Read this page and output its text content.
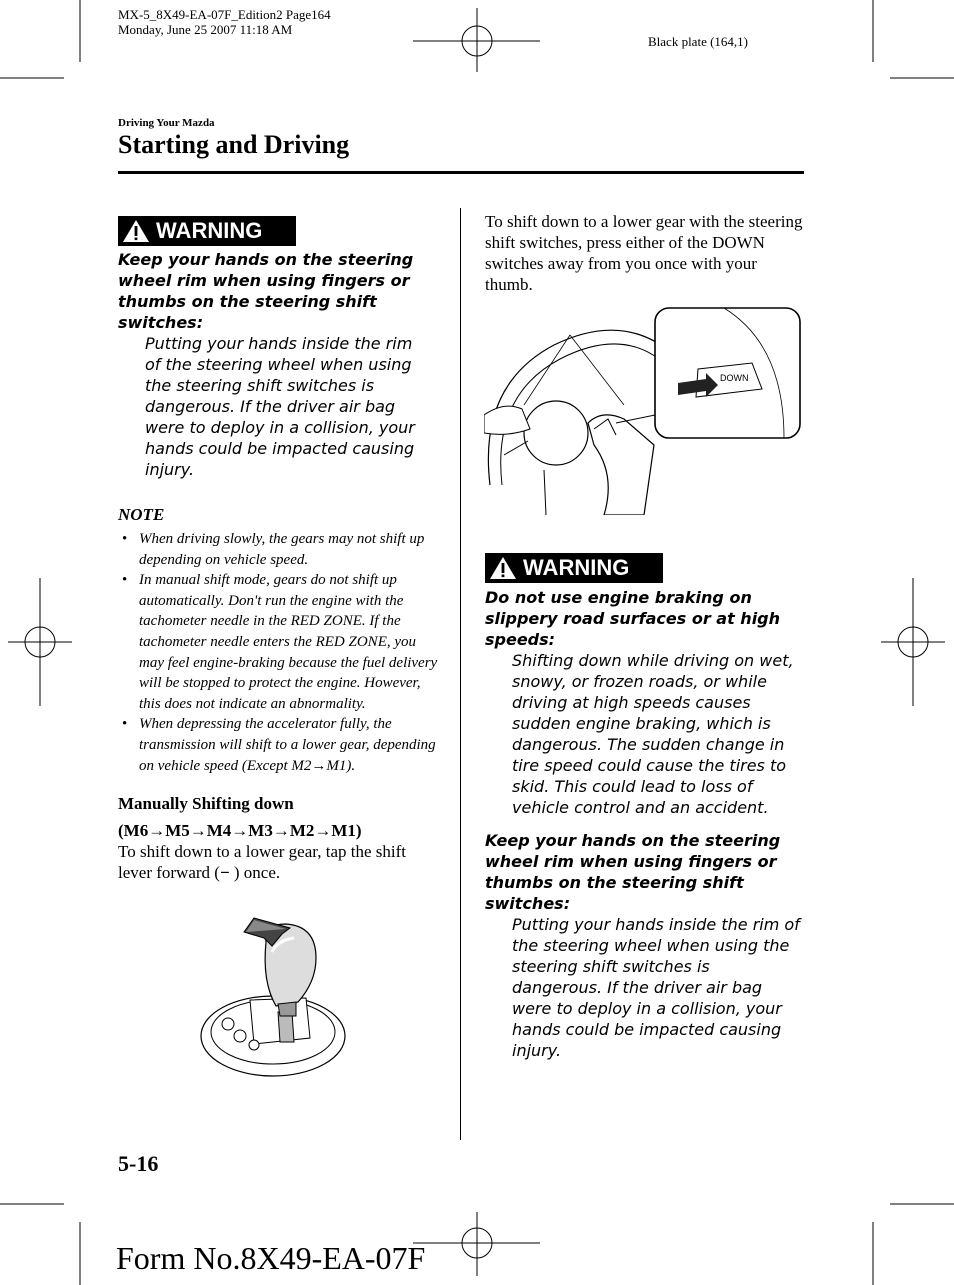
MX-5_8X49-EA-07F_Edition2 Page164
Monday, June 25 2007 11:18 AM
Black plate (164,1)
Driving Your Mazda
Starting and Driving
WARNING

Keep your hands on the steering wheel rim when using fingers or thumbs on the steering shift switches:

Putting your hands inside the rim of the steering wheel when using the steering shift switches is dangerous. If the driver air bag were to deploy in a collision, your hands could be impacted causing injury.

NOTE

• When driving slowly, the gears may not shift up depending on vehicle speed.
• In manual shift mode, gears do not shift up automatically. Don't run the engine with the tachometer needle in the RED ZONE. If the tachometer needle enters the RED ZONE, you may feel engine-braking because the fuel delivery will be stopped to protect the engine. However, this does not indicate an abnormality.
• When depressing the accelerator fully, the transmission will shift to a lower gear, depending on vehicle speed (Except M2→M1).

Manually Shifting down

(M6→M5→M4→M3→M2→M1)

To shift down to a lower gear, tap the shift lever forward (− ) once.

To shift down to a lower gear with the steering shift switches, press either of the DOWN switches away from you once with your thumb.

DOWN
WARNING

Do not use engine braking on slippery road surfaces or at high speeds:

Shifting down while driving on wet, snowy, or frozen roads, or while driving at high speeds causes sudden engine braking, which is dangerous. The sudden change in tire speed could cause the tires to skid. This could lead to loss of vehicle control and an accident.

Keep your hands on the steering wheel rim when using fingers or thumbs on the steering shift switches:

Putting your hands inside the rim of the steering wheel when using the steering shift switches is dangerous. If the driver air bag were to deploy in a collision, your hands could be impacted causing injury.

5-16
Form No.8X49-EA-07F
